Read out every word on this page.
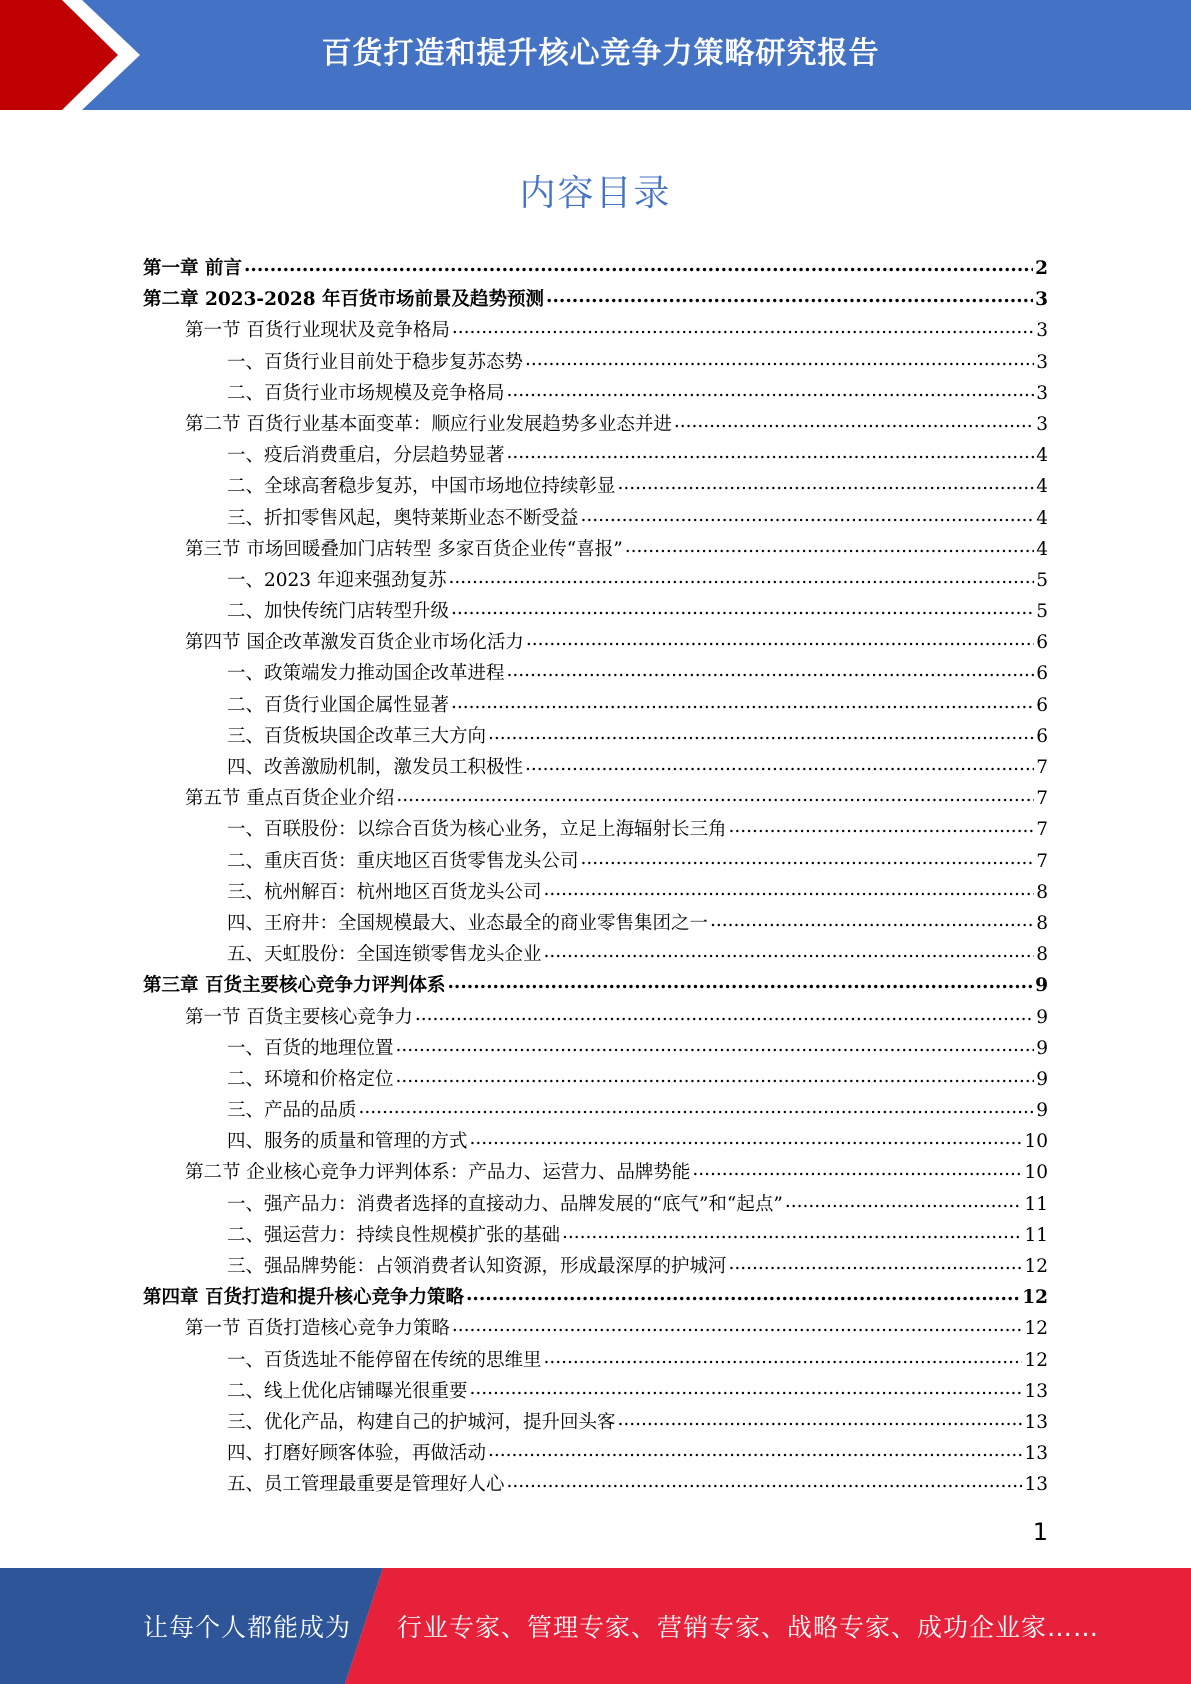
百货打造和提升核心竞争力策略研究报告
内容目录
第一章 前言 .....	2
第二章 2023-2028 年百货市场前景及趋势预测 .....	3
第一节 百货行业现状及竞争格局 .....	3
一、百货行业目前处于稳步复苏态势 .....	3
二、百货行业市场规模及竞争格局 .....	3
第二节 百货行业基本面变革：顺应行业发展趋势多业态并进 .....	3
一、疫后消费重启，分层趋势显著 .....	4
二、全球高奢稳步复苏，中国市场地位持续彰显 .....	4
三、折扣零售风起，奥特莱斯业态不断受益 .....	4
第三节 市场回暖叠加门店转型 多家百货企业传“喜报” .....	4
一、2023 年迎来强劲复苏 .....	5
二、加快传统门店转型升级 .....	5
第四节 国企改革激发百货企业市场化活力 .....	6
一、政策端发力推动国企改革进程 .....	6
二、百货行业国企属性显著 .....	6
三、百货板块国企改革三大方向 .....	6
四、改善激励机制，激发员工积极性 .....	7
第五节 重点百货企业介绍 .....	7
一、百联股份：以综合百货为核心业务，立足上海辐射长三角 .....	7
二、重庆百货：重庆地区百货零售龙头公司 .....	7
三、杭州解百：杭州地区百货龙头公司 .....	8
四、王府井：全国规模最大、业态最全的商业零售集团之一 .....	8
五、天虹股份：全国连锁零售龙头企业 .....	8
第三章 百货主要核心竞争力评判体系 .....	9
第一节 百货主要核心竞争力 .....	9
一、百货的地理位置 .....	9
二、环境和价格定位 .....	9
三、产品的品质 .....	9
四、服务的质量和管理的方式 .....	10
第二节 企业核心竞争力评判体系：产品力、运营力、品牌势能 .....	10
一、强产品力：消费者选择的直接动力、品牌发展的“底气”和“起点” .....	11
二、强运营力：持续良性规模扩张的基础 .....	11
三、强品牌势能：占领消费者认知资源，形成最深厚的护城河 .....	12
第四章 百货打造和提升核心竞争力策略 .....	12
第一节 百货打造核心竞争力策略 .....	12
一、百货选址不能停留在传统的思维里 .....	12
二、线上优化店铺曝光很重要 .....	13
三、优化产品，构建自己的护城河，提升回头客 .....	13
四、打磨好顾客体验，再做活动 .....	13
五、员工管理最重要是管理好人心 .....	13
1
让每个人都能成为 行业专家、管理专家、营销专家、战略专家、成功企业家……
